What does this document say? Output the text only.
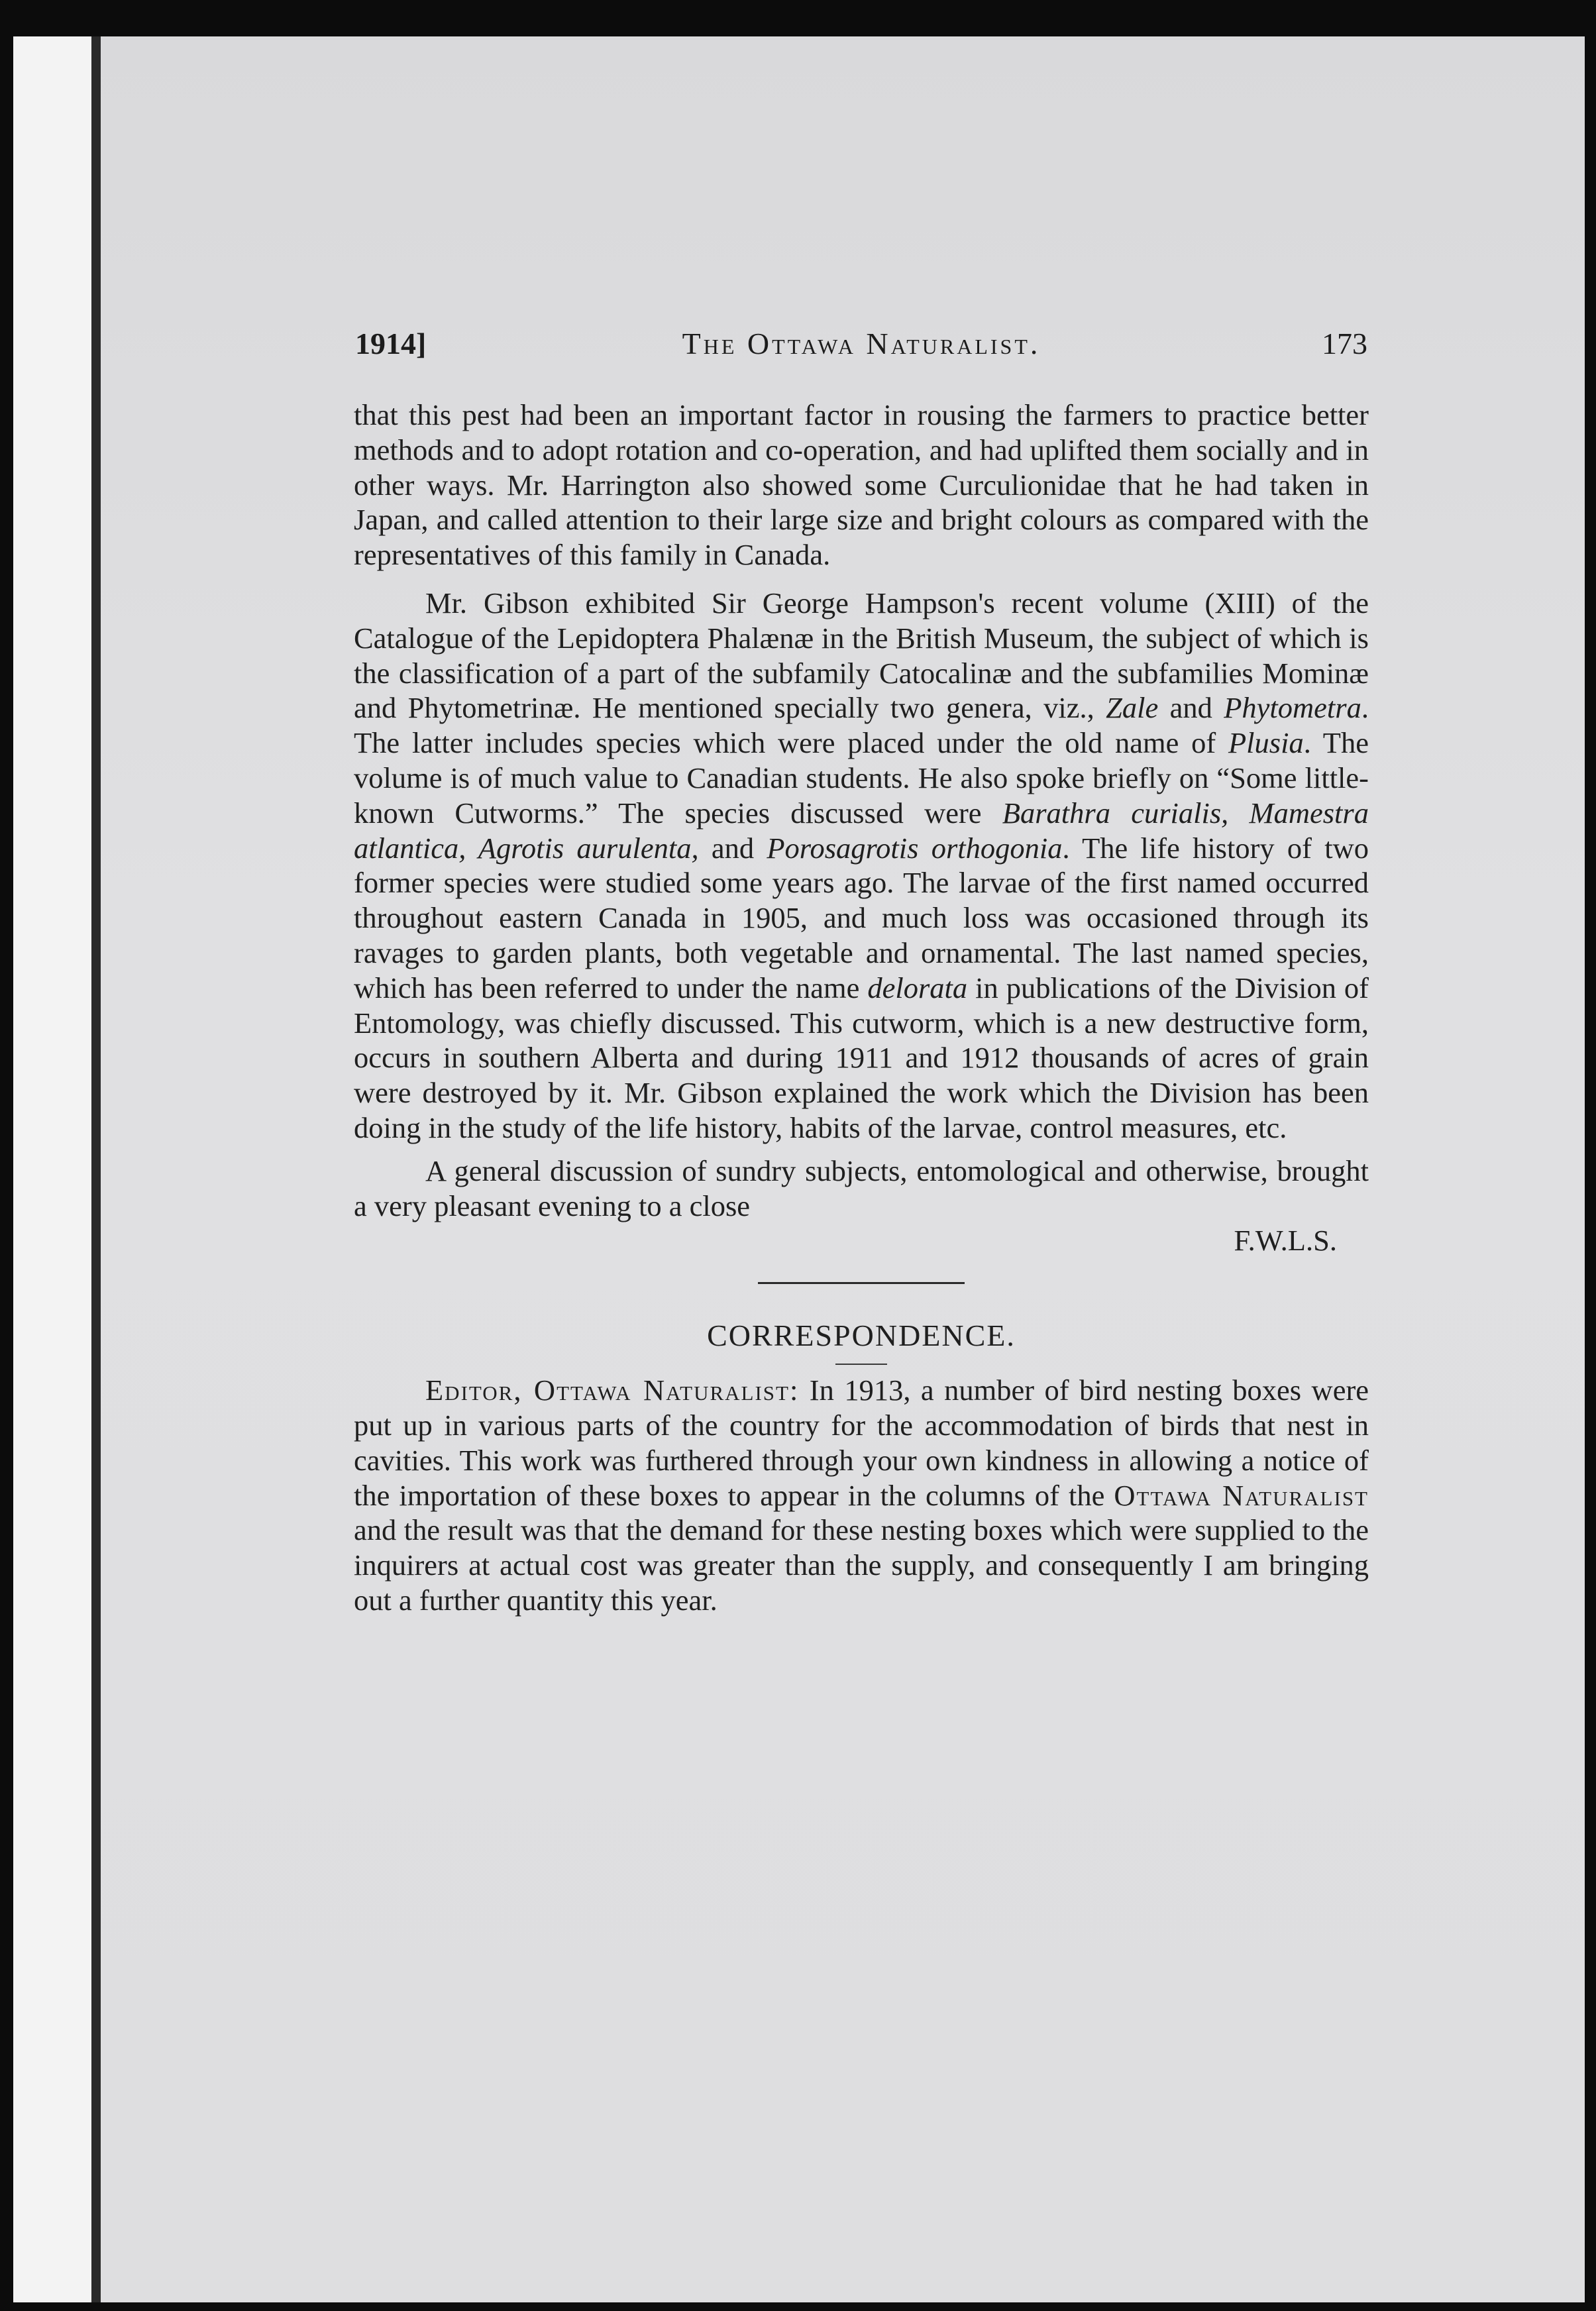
1914]	The Ottawa Naturalist.	173

that this pest had been an important factor in rousing the farmers to practice better methods and to adopt rotation and co-operation, and had uplifted them socially and in other ways. Mr. Harrington also showed some Curculionidae that he had taken in Japan, and called attention to their large size and bright colours as compared with the representatives of this family in Canada.

Mr. Gibson exhibited Sir George Hampson's recent volume (XIII) of the Catalogue of the Lepidoptera Phalænæ in the British Museum, the subject of which is the classification of a part of the subfamily Catocalinæ and the subfamilies Mominæ and Phytometrinæ. He mentioned specially two genera, viz., Zale and Phytometra. The latter includes species which were placed under the old name of Plusia. The volume is of much value to Canadian students. He also spoke briefly on “Some little-known Cutworms.” The species discussed were Barathra curialis, Mamestra atlantica, Agrotis aurulenta, and Porosagrotis orthogonia. The life history of two former species were studied some years ago. The larvae of the first named occurred throughout eastern Canada in 1905, and much loss was occasioned through its ravages to garden plants, both vegetable and ornamental. The last named species, which has been referred to under the name delorata in publications of the Division of Entomology, was chiefly discussed. This cutworm, which is a new destructive form, occurs in southern Alberta and during 1911 and 1912 thousands of acres of grain were destroyed by it. Mr. Gibson explained the work which the Division has been doing in the study of the life history, habits of the larvae, control measures, etc.

A general discussion of sundry subjects, entomological and otherwise, brought a very pleasant evening to a close

F.W.L.S.

CORRESPONDENCE.

Editor, Ottawa Naturalist: In 1913, a number of bird nesting boxes were put up in various parts of the country for the accommodation of birds that nest in cavities. This work was furthered through your own kindness in allowing a notice of the importation of these boxes to appear in the columns of the Ottawa Naturalist and the result was that the demand for these nesting boxes which were supplied to the inquirers at actual cost was greater than the supply, and consequently I am bringing out a further quantity this year.
